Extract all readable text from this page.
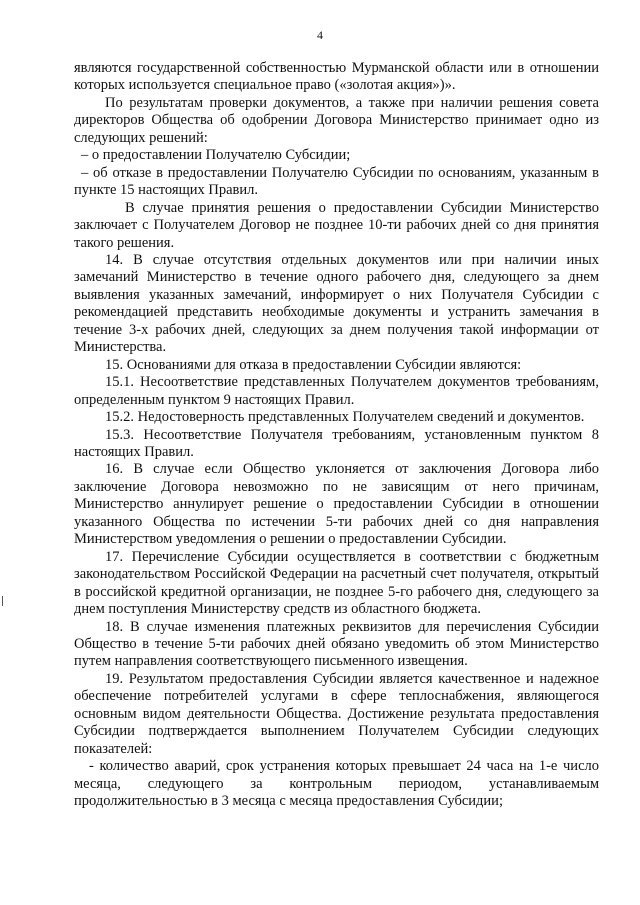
4

являются государственной собственностью Мурманской области или в отношении которых используется специальное право («золотая акция»)».

По результатам проверки документов, а также при наличии решения совета директоров Общества об одобрении Договора Министерство принимает одно из следующих решений:

– о предоставлении Получателю Субсидии;

– об отказе в предоставлении Получателю Субсидии по основаниям, указанным в пункте 15 настоящих Правил.

В случае принятия решения о предоставлении Субсидии Министерство заключает с Получателем Договор не позднее 10-ти рабочих дней со дня принятия такого решения.

14. В случае отсутствия отдельных документов или при наличии иных замечаний Министерство в течение одного рабочего дня, следующего за днем выявления указанных замечаний, информирует о них Получателя Субсидии с рекомендацией представить необходимые документы и устранить замечания в течение 3-х рабочих дней, следующих за днем получения такой информации от Министерства.

15. Основаниями для отказа в предоставлении Субсидии являются:

15.1. Несоответствие представленных Получателем документов требованиям, определенным пунктом 9 настоящих Правил.

15.2. Недостоверность представленных Получателем сведений и документов.

15.3. Несоответствие Получателя требованиям, установленным пунктом 8 настоящих Правил.

16. В случае если Общество уклоняется от заключения Договора либо заключение Договора невозможно по не зависящим от него причинам, Министерство аннулирует решение о предоставлении Субсидии в отношении указанного Общества по истечении 5-ти рабочих дней со дня направления Министерством уведомления о решении о предоставлении Субсидии.

17. Перечисление Субсидии осуществляется в соответствии с бюджетным законодательством Российской Федерации на расчетный счет получателя, открытый в российской кредитной организации, не позднее 5-го рабочего дня, следующего за днем поступления Министерству средств из областного бюджета.

18. В случае изменения платежных реквизитов для перечисления Субсидии Общество в течение 5-ти рабочих дней обязано уведомить об этом Министерство путем направления соответствующего письменного извещения.

19. Результатом предоставления Субсидии является качественное и надежное обеспечение потребителей услугами в сфере теплоснабжения, являющегося основным видом деятельности Общества. Достижение результата предоставления Субсидии подтверждается выполнением Получателем Субсидии следующих показателей:

- количество аварий, срок устранения которых превышает 24 часа на 1-е число месяца, следующего за контрольным периодом, устанавливаемым продолжительностью в 3 месяца с месяца предоставления Субсидии;
